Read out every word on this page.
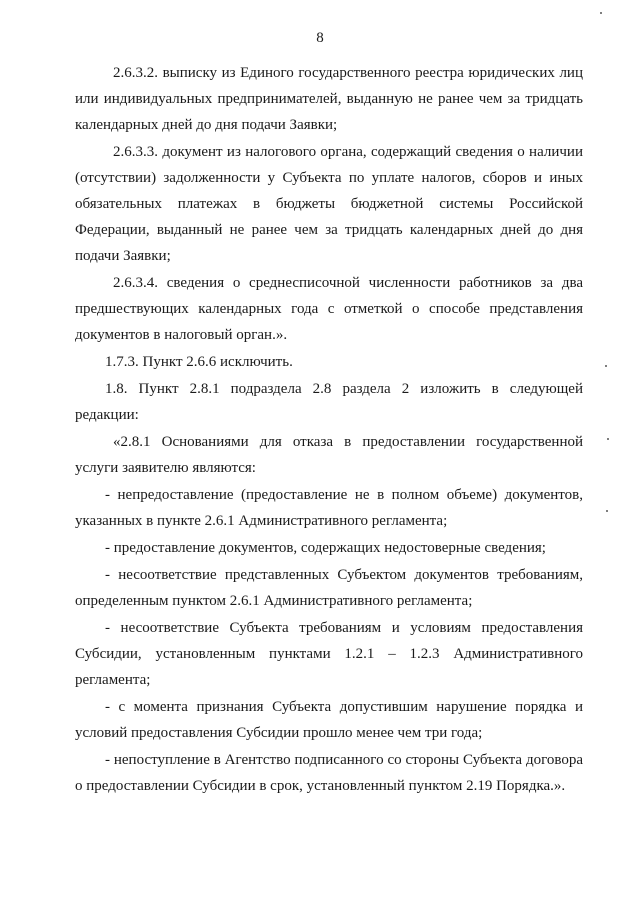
8

2.6.3.2. выписку из Единого государственного реестра юридических лиц или индивидуальных предпринимателей, выданную не ранее чем за тридцать календарных дней до дня подачи Заявки;

2.6.3.3. документ из налогового органа, содержащий сведения о наличии (отсутствии) задолженности у Субъекта по уплате налогов, сборов и иных обязательных платежах в бюджеты бюджетной системы Российской Федерации, выданный не ранее чем за тридцать календарных дней до дня подачи Заявки;

2.6.3.4. сведения о среднесписочной численности работников за два предшествующих календарных года с отметкой о способе представления документов в налоговый орган.».

1.7.3. Пункт 2.6.6 исключить.

1.8. Пункт 2.8.1 подраздела 2.8 раздела 2 изложить в следующей редакции:

«2.8.1 Основаниями для отказа в предоставлении государственной услуги заявителю являются:

- непредоставление (предоставление не в полном объеме) документов, указанных в пункте 2.6.1 Административного регламента;

- предоставление документов, содержащих недостоверные сведения;

- несоответствие представленных Субъектом документов требованиям, определенным пунктом 2.6.1 Административного регламента;

- несоответствие Субъекта требованиям и условиям предоставления Субсидии, установленным пунктами 1.2.1 – 1.2.3 Административного регламента;

- с момента признания Субъекта допустившим нарушение порядка и условий предоставления Субсидии прошло менее чем три года;

- непоступление в Агентство подписанного со стороны Субъекта договора о предоставлении Субсидии в срок, установленный пунктом 2.19 Порядка.».
